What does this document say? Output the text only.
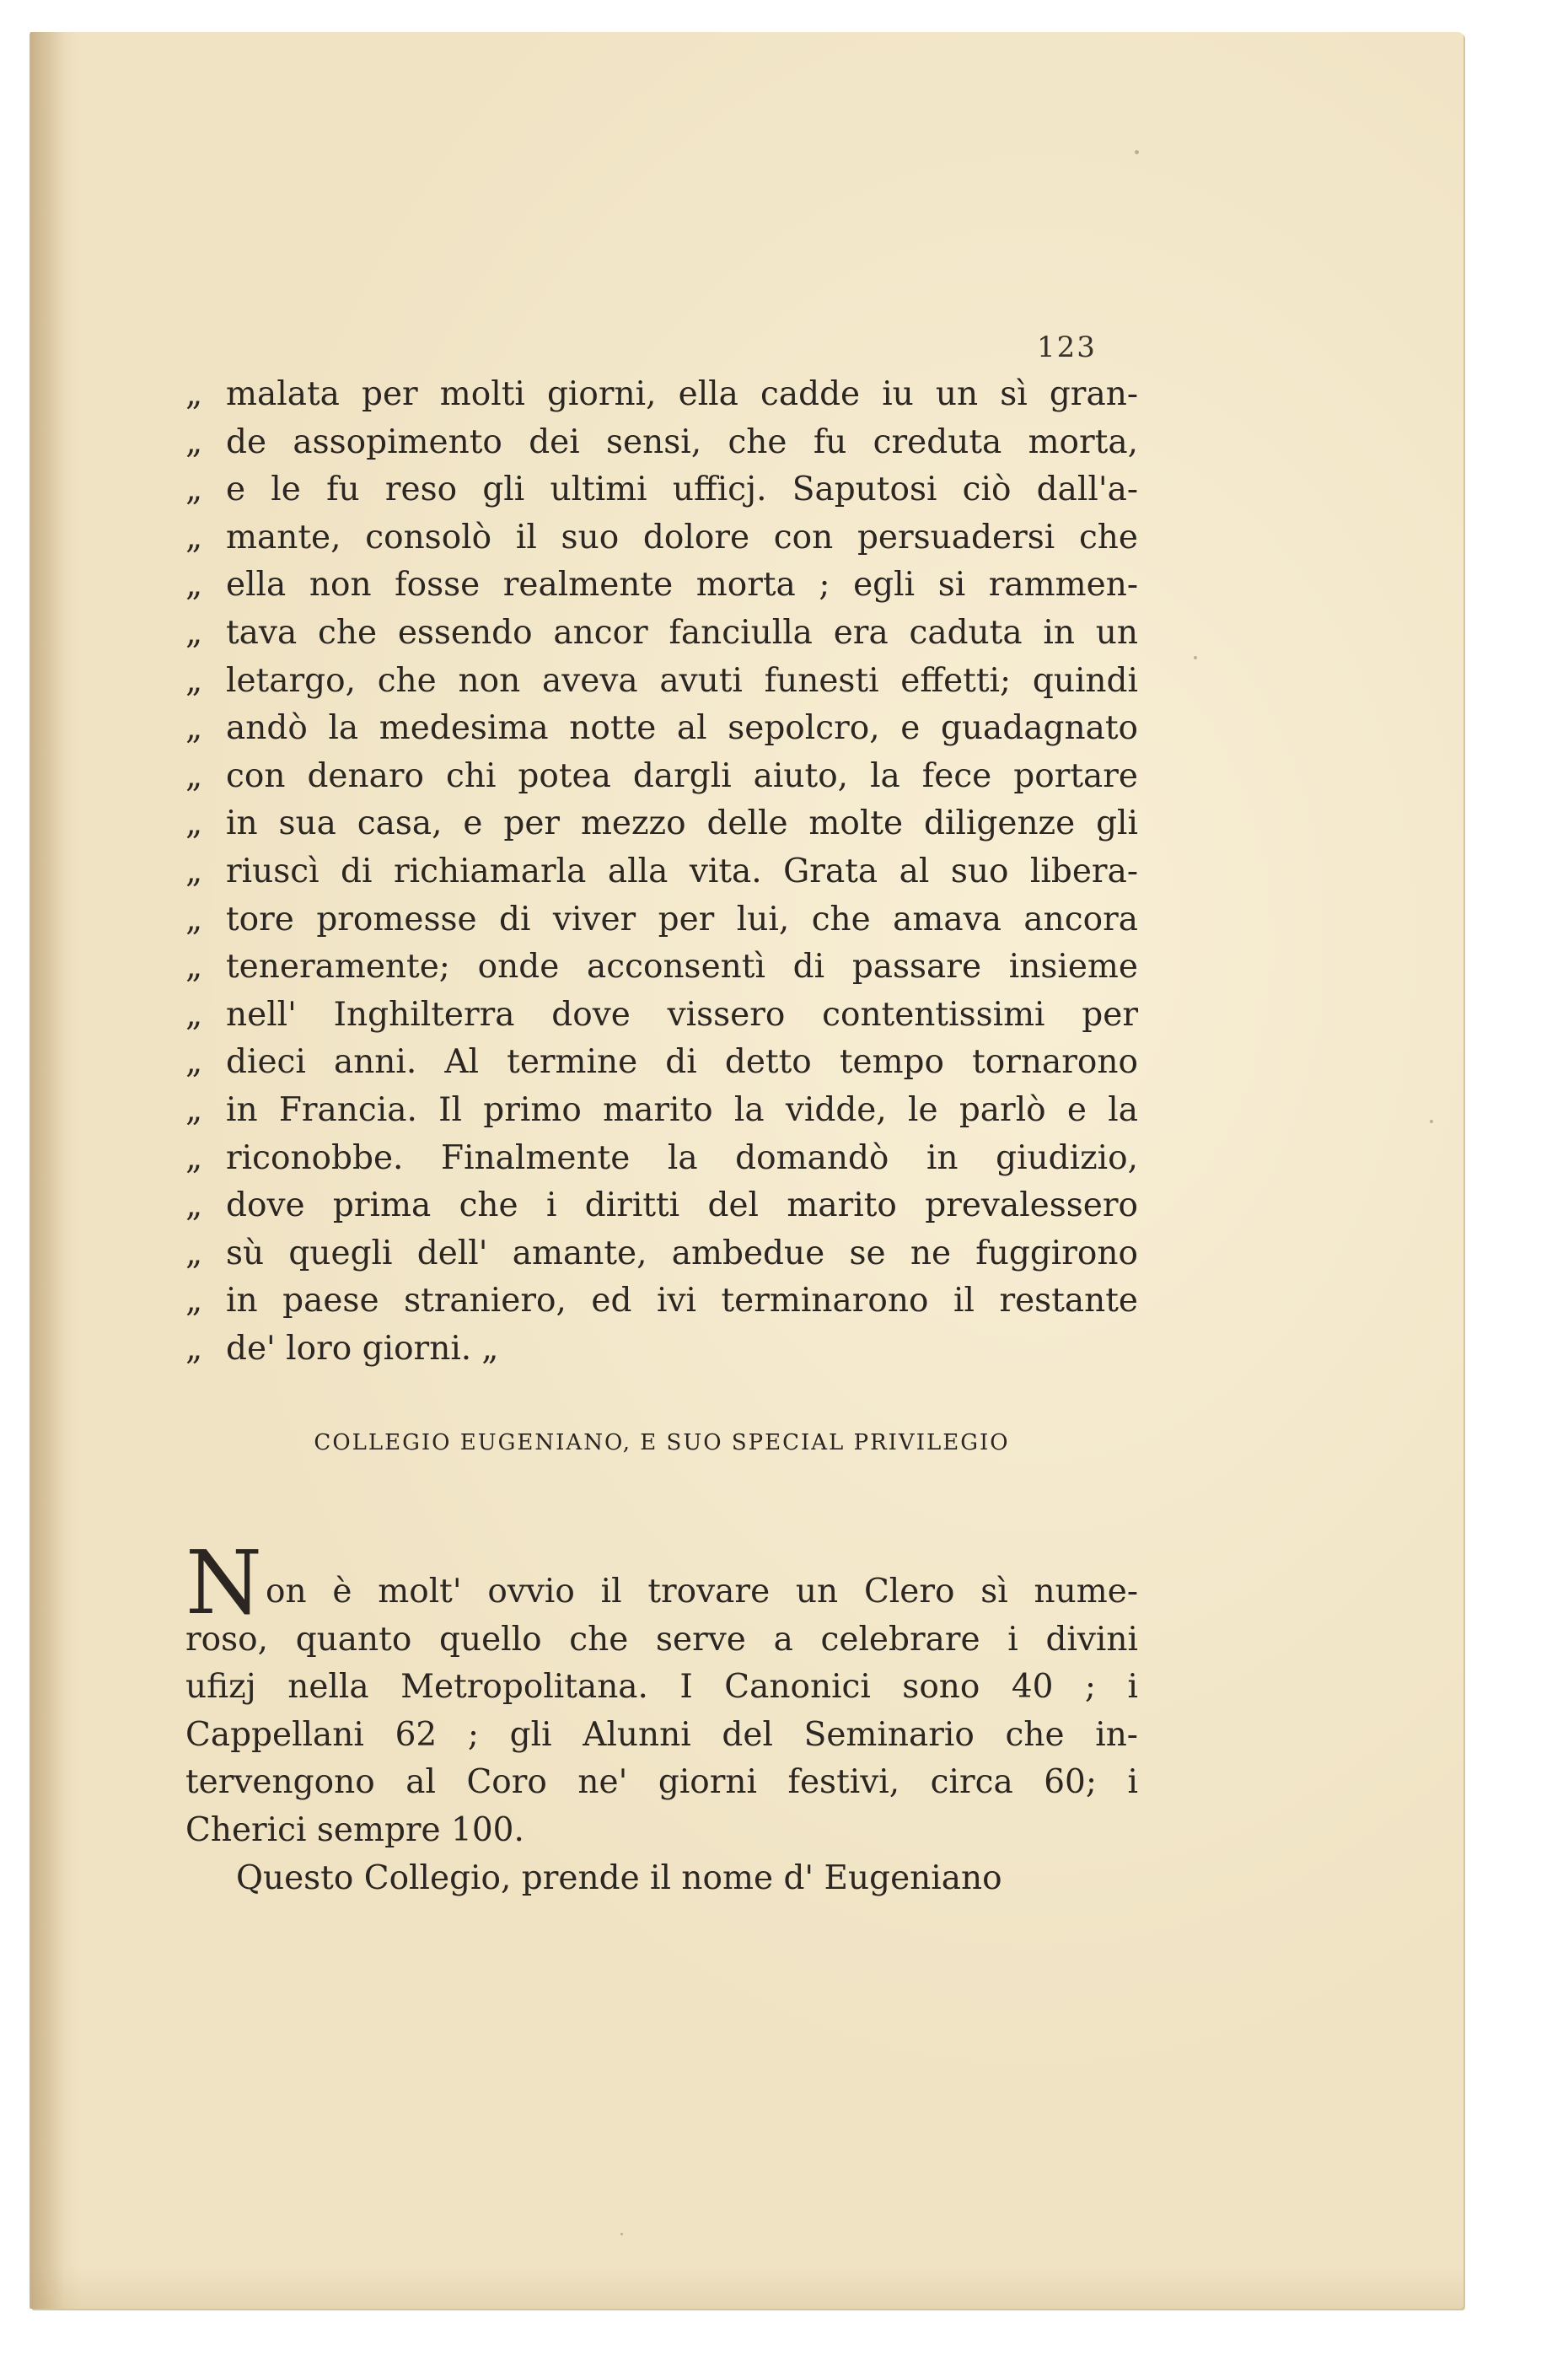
123
„ malata per molti giorni, ella cadde iu un sì gran-
„ de assopimento dei sensi, che fu creduta morta,
„ e le fu reso gli ultimi ufficj. Saputosi ciò dall'a-
„ mante, consolò il suo dolore con persuadersi che
„ ella non fosse realmente morta ; egli si rammen-
„ tava che essendo ancor fanciulla era caduta in un
„ letargo, che non aveva avuti funesti effetti; quindi
„ andò la medesima notte al sepolcro, e guadagnato
„ con denaro chi potea dargli aiuto, la fece portare
„ in sua casa, e per mezzo delle molte diligenze gli
„ riuscì di richiamarla alla vita. Grata al suo libera-
„ tore promesse di viver per lui, che amava ancora
„ teneramente; onde acconsentì di passare insieme
„ nell' Inghilterra dove vissero contentissimi per
„ dieci anni. Al termine di detto tempo tornarono
„ in Francia. Il primo marito la vidde, le parlò e la
„ riconobbe. Finalmente la domandò in giudizio,
„ dove prima che i diritti del marito prevalessero
„ sù quegli dell' amante, ambedue se ne fuggirono
„ in paese straniero, ed ivi terminarono il restante
„ de' loro giorni. „
COLLEGIO EUGENIANO, E SUO SPECIAL PRIVILEGIO
N on è molt' ovvio il trovare un Clero sì nume-
roso, quanto quello che serve a celebrare i divini
ufizj nella Metropolitana. I Canonici sono 40 ; i
Cappellani 62 ; gli Alunni del Seminario che in-
tervengono al Coro ne' giorni festivi, circa 60; i
Cherici sempre 100.
Questo Collegio, prende il nome d' Eugeniano
